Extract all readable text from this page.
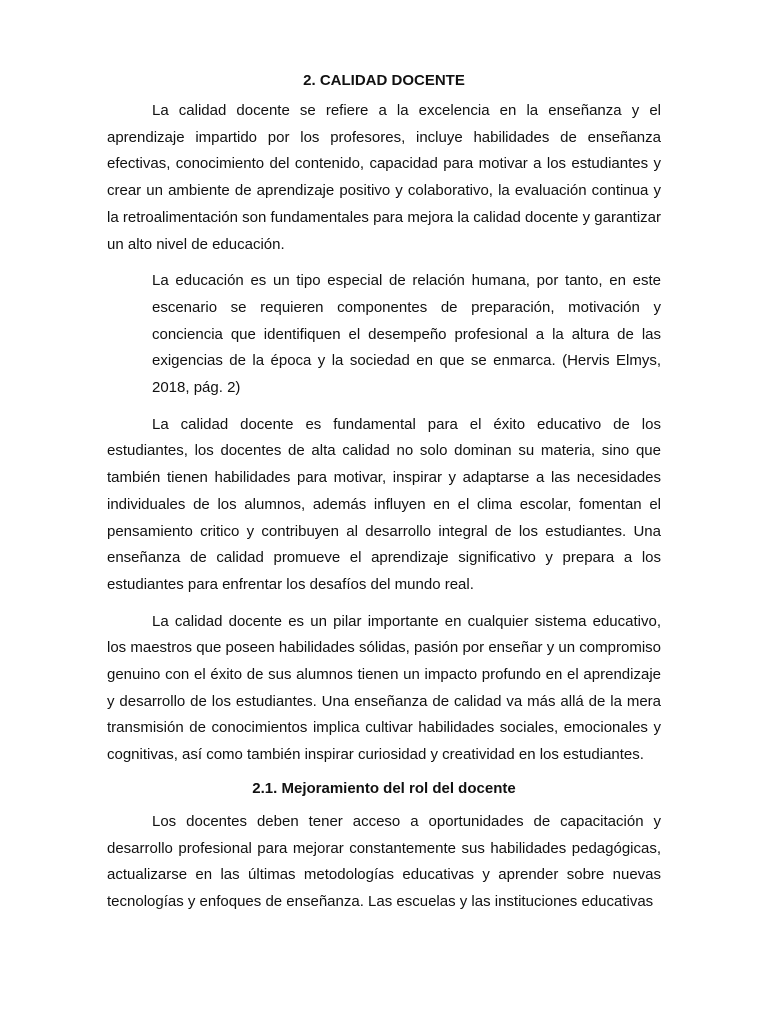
2. CALIDAD DOCENTE

La calidad docente se refiere a la excelencia en la enseñanza y el aprendizaje impartido por los profesores, incluye habilidades de enseñanza efectivas, conocimiento del contenido, capacidad para motivar a los estudiantes y crear un ambiente de aprendizaje positivo y colaborativo, la evaluación continua y la retroalimentación son fundamentales para mejora la calidad docente y garantizar un alto nivel de educación.

La educación es un tipo especial de relación humana, por tanto, en este escenario se requieren componentes de preparación, motivación y conciencia que identifiquen el desempeño profesional a la altura de las exigencias de la época y la sociedad en que se enmarca. (Hervis Elmys, 2018, pág. 2)

La calidad docente es fundamental para el éxito educativo de los estudiantes, los docentes de alta calidad no solo dominan su materia, sino que también tienen habilidades para motivar, inspirar y adaptarse a las necesidades individuales de los alumnos, además influyen en el clima escolar, fomentan el pensamiento critico y contribuyen al desarrollo integral de los estudiantes. Una enseñanza de calidad promueve el aprendizaje significativo y prepara a los estudiantes para enfrentar los desafíos del mundo real.

La calidad docente es un pilar importante en cualquier sistema educativo, los maestros que poseen habilidades sólidas, pasión por enseñar y un compromiso genuino con el éxito de sus alumnos tienen un impacto profundo en el aprendizaje y desarrollo de los estudiantes. Una enseñanza de calidad va más allá de la mera transmisión de conocimientos implica cultivar habilidades sociales, emocionales y cognitivas, así como también inspirar curiosidad y creatividad en los estudiantes.

2.1. Mejoramiento del rol del docente

Los docentes deben tener acceso a oportunidades de capacitación y desarrollo profesional para mejorar constantemente sus habilidades pedagógicas, actualizarse en las últimas metodologías educativas y aprender sobre nuevas tecnologías y enfoques de enseñanza. Las escuelas y las instituciones educativas
